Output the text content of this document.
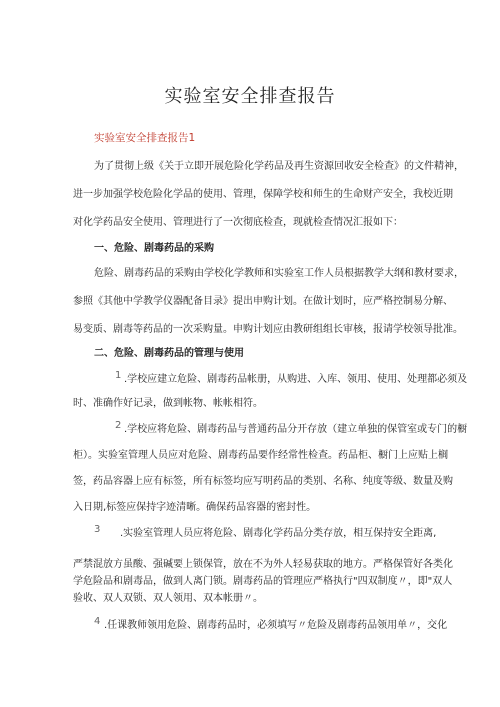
实验室安全排查报告
实验室安全排查报告1
为了贯彻上级《关于立即开展危险化学药品及再生资源回收安全检查》的文件精神，
进一步加强学校危险化学品的使用、管理，保障学校和师生的生命财产安全，我校近期
对化学药品安全使用、管理进行了一次彻底检查，现就检查情况汇报如下：
一、危险、剧毒药品的采购
危险、剧毒药品的采购由学校化学教师和实验室工作人员根据教学大纲和教材要求，
参照《其他中学教学仪器配备目录》提出申购计划。在做计划时，应严格控制易分解、
易变质、剧毒等药品的一次采购量。申购计划应由教研组组长审核，报请学校领导批准。
二、危险、剧毒药品的管理与使用
1 .学校应建立危险、剧毒药品帐册，从购进、入库、领用、使用、处理都必须及
时、准确作好记录，做到帐物、帐帐相符。
2 .学校应将危险、剧毒药品与普通药品分开存放（建立单独的保管室或专门的橱
柜）。实验室管理人员应对危险、剧毒药品要作经常性检查。药品柜、橱门上应贴上榈
签，药品容器上应有标签，所有标签均应写明药品的类别、名称、纯度等级、数量及购
入日期,标签应保持字迹清晰。确保药品容器的密封性。
3 .实验室管理人员应将危险、剧毒化学药品分类存放，相互保持安全距离,
严禁混放方虽酸、强碱要上锁保管，放在不为外人轻易获取的地方。严格保管好各类化
学危险品和剧毒品，做到人离门锁。剧毒药品的管理应严格执行"四双制度〃，即"双人
验收、双人双锁、双人领用、双本帐册〃。
4 .任课教师领用危险、剧毒药品时，必须填写〃危险及剧毒药品领用单〃，交化
